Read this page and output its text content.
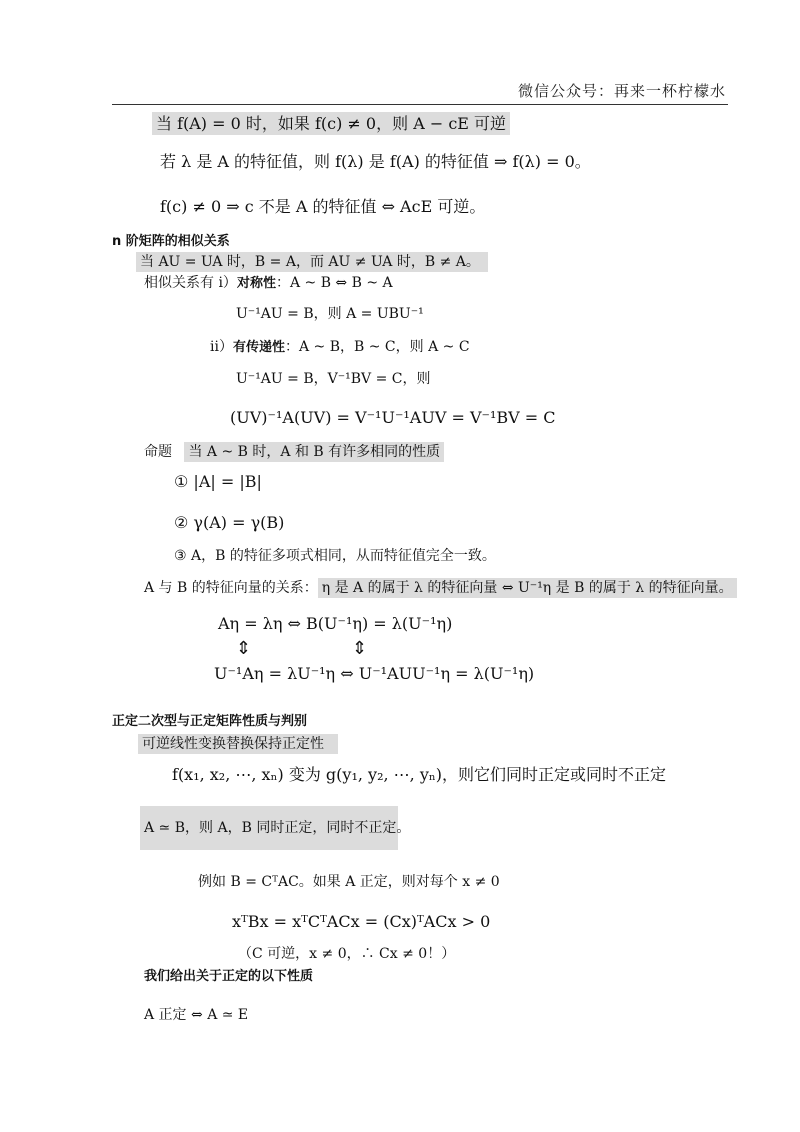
微信公众号：再来一杯柠檬水
当 f(A) = 0 时，如果 f(c) ≠ 0，则 A − cE 可逆
若 λ 是 A 的特征值，则 f(λ) 是 f(A) 的特征值 ⇒ f(λ) = 0。
f(c) ≠ 0 ⇒ c 不是 A 的特征值 ⇔ AcE 可逆。
n 阶矩阵的相似关系
当 AU = UA 时，B = A，而 AU ≠ UA 时，B ≠ A。
相似关系有 i）对称性：A ~ B ⇔ B ~ A
U⁻¹AU = B，则 A = UBU⁻¹
ii）有传递性：A ~ B，B ~ C，则 A ~ C
U⁻¹AU = B，V⁻¹BV = C，则
(UV)⁻¹A(UV) = V⁻¹U⁻¹AUV = V⁻¹BV = C
命题 当 A ~ B 时，A 和 B 有许多相同的性质
① |A| = |B|
② γ(A) = γ(B)
③ A，B 的特征多项式相同，从而特征值完全一致。
A 与 B 的特征向量的关系： η 是 A 的属于 λ 的特征向量 ⇔ U⁻¹η 是 B 的属于 λ 的特征向量。
Aη = λη ⇔ B(U⁻¹η) = λ(U⁻¹η)
⇕	⇕
U⁻¹Aη = λU⁻¹η ⇔ U⁻¹AUU⁻¹η = λ(U⁻¹η)
正定二次型与正定矩阵性质与判别
可逆线性变换替换保持正定性
f(x₁, x₂, ⋯, xₙ) 变为 g(y₁, y₂, ⋯, yₙ)，则它们同时正定或同时不正定
A ≃ B，则 A，B 同时正定，同时不正定。
例如 B = CᵀAC。如果 A 正定，则对每个 x ≠ 0
xᵀBx = xᵀCᵀACx = (Cx)ᵀACx > 0
（C 可逆，x ≠ 0，∴ Cx ≠ 0！）
我们给出关于正定的以下性质
A 正定 ⇔ A ≃ E
